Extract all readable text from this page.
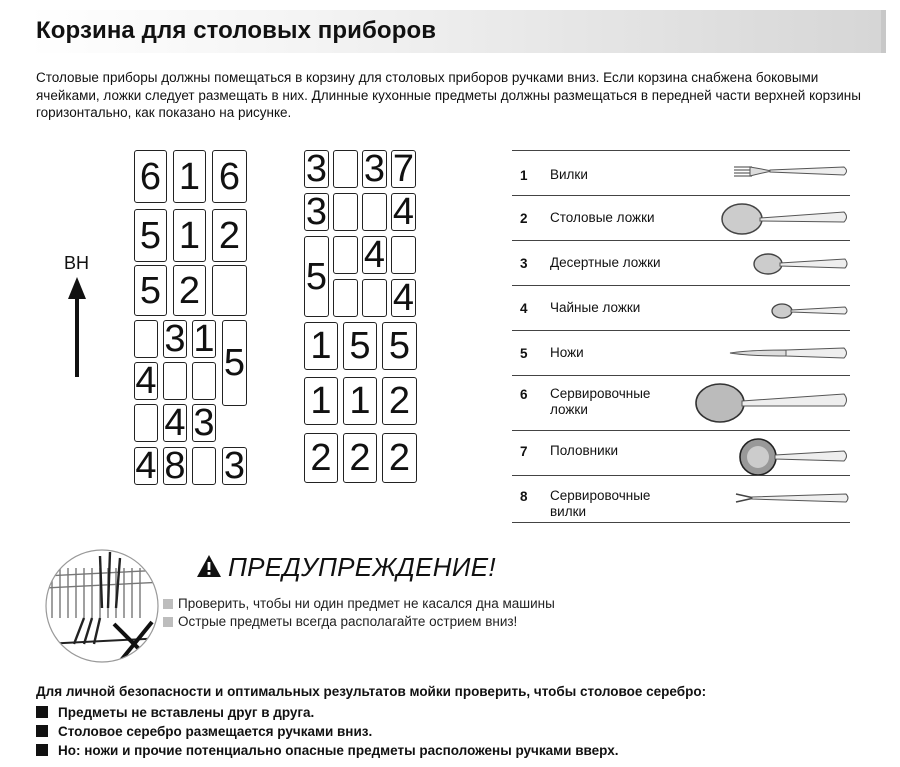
Корзина для столовых приборов

Столовые приборы должны помещаться в корзину для столовых приборов ручками вниз. Если корзина снабжена боковыми ячейками, ложки следует размещать в них. Длинные кухонные предметы должны размещаться в передней части верхней корзины горизонтально, как показано на рисунке.

ВН
6 1 6
5 1 2
5 2
3 1
5
4
4 3
4 8 3
3 3 7
3 4
5
4
4
1 5 5
1 1 2
2 2 2
1 Вилки
2 Столовые ложки
3 Десертные ложки
4 Чайные ложки
5 Ножи
6 Сервировочные ложки
7 Половники
8 Сервировочные вилки
ПРЕДУПРЕЖДЕНИЕ!
Проверить, чтобы ни один предмет не касался дна машины
Острые предметы всегда располагайте острием вниз!
Для личной безопасности и оптимальных результатов мойки проверить, чтобы столовое серебро:
Предметы не вставлены друг в друга.
Столовое серебро размещается ручками вниз.
Но: ножи и прочие потенциально опасные предметы расположены ручками вверх.
